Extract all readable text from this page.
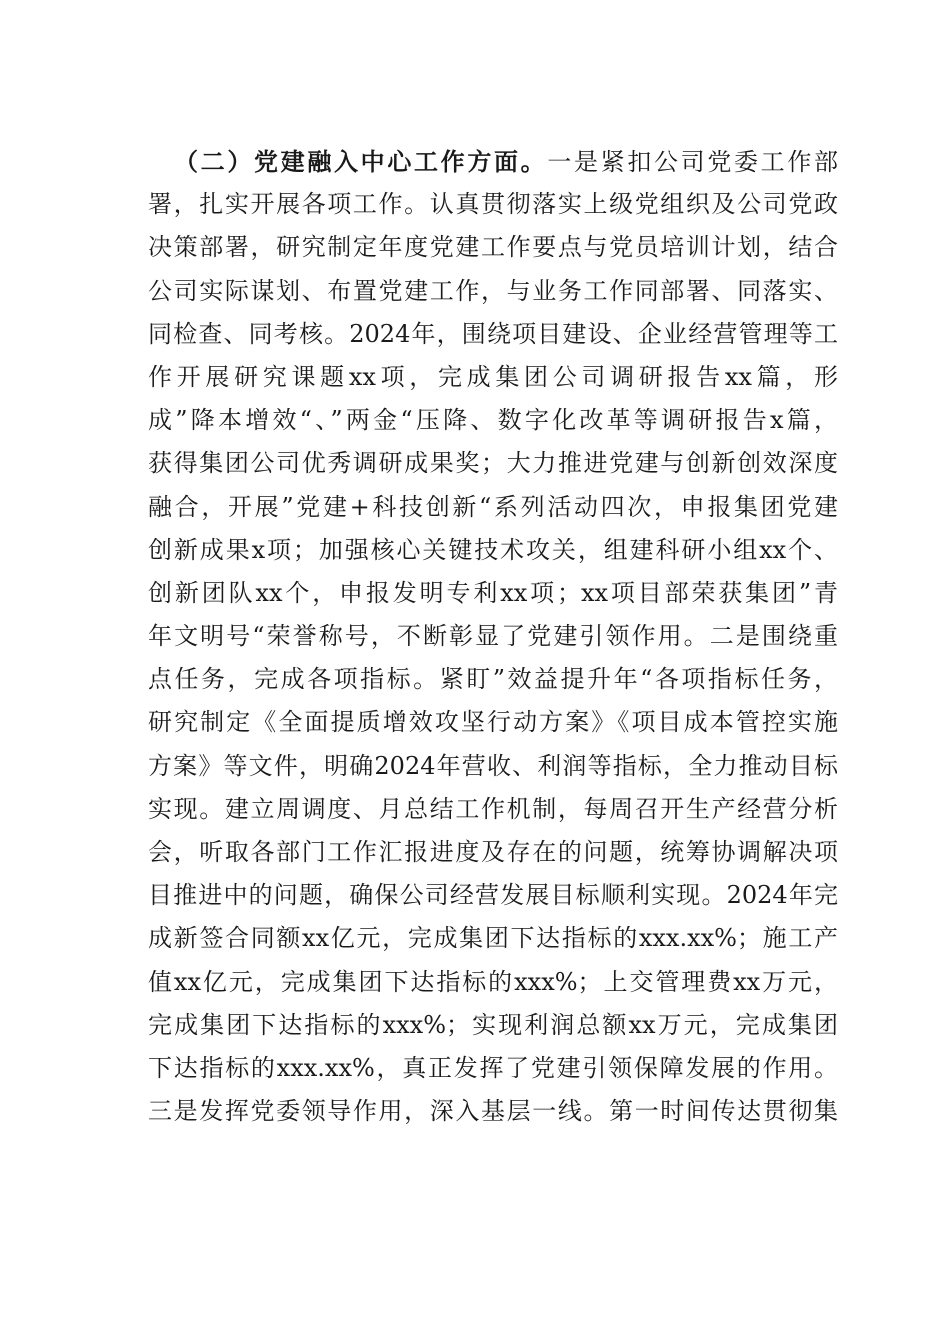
（二）党建融入中心工作方面。一是紧扣公司党委工作部
署，扎实开展各项工作。认真贯彻落实上级党组织及公司党政
决策部署，研究制定年度党建工作要点与党员培训计划，结合
公司实际谋划、布置党建工作，与业务工作同部署、同落实、
同检查、同考核。2024年，围绕项目建设、企业经营管理等工
作开展研究课题xx项，完成集团公司调研报告xx篇，形
成”降本增效“、”两金“压降、数字化改革等调研报告x篇，
获得集团公司优秀调研成果奖；大力推进党建与创新创效深度
融合，开展”党建+科技创新“系列活动四次，申报集团党建
创新成果x项；加强核心关键技术攻关，组建科研小组xx个、
创新团队xx个，申报发明专利xx项；xx项目部荣获集团”青
年文明号“荣誉称号，不断彰显了党建引领作用。二是围绕重
点任务，完成各项指标。紧盯”效益提升年“各项指标任务，
研究制定《全面提质增效攻坚行动方案》《项目成本管控实施
方案》等文件，明确2024年营收、利润等指标，全力推动目标
实现。建立周调度、月总结工作机制，每周召开生产经营分析
会，听取各部门工作汇报进度及存在的问题，统筹协调解决项
目推进中的问题，确保公司经营发展目标顺利实现。2024年完
成新签合同额xx亿元，完成集团下达指标的xxx.xx%；施工产
值xx亿元，完成集团下达指标的xxx%；上交管理费xx万元，
完成集团下达指标的xxx%；实现利润总额xx万元，完成集团
下达指标的xxx.xx%，真正发挥了党建引领保障发展的作用。
三是发挥党委领导作用，深入基层一线。第一时间传达贯彻集
